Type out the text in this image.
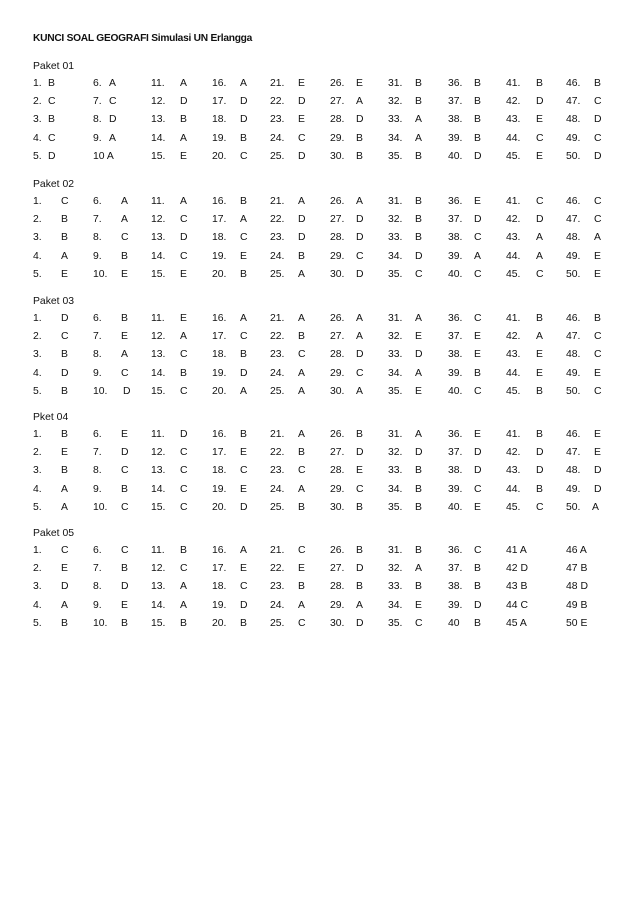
KUNCI SOAL GEOGRAFI Simulasi UN Erlangga
Paket 01
1. B
2. C
3. B
4. C
5. D
6. A
7. C
8. D
9. A
10 A
11. A
12. D
13. B
14. A
15. E
16. A
17. D
18. D
19. B
20. C
21. E
22. D
23. E
24. C
25. D
26. E
27. A
28. D
29. B
30. B
31. B
32. B
33. A
34. A
35. B
36. B
37. B
38. B
39. B
40. D
41. B
42. D
43. E
44. C
45. E
46. B
47. C
48. D
49. C
50. D
Paket 02
1. C
2. B
3. B
4. A
5. E
6. A
7. A
8. C
9. B
10. E
11. A
12. C
13. D
14. C
15. E
16. B
17. A
18. C
19. E
20. B
21. A
22. D
23. D
24. B
25. A
26. A
27. D
28. D
29. C
30. D
31. B
32. B
33. B
34. D
35. C
36. E
37. D
38. C
39. A
40. C
41. C
42. D
43. A
44. A
45. C
46. C
47. C
48. A
49. E
50. E
Paket 03
1. D
2. C
3. B
4. D
5. B
6. B
7. E
8. A
9. C
10. D
11. E
12. A
13. C
14. B
15. C
16. A
17. C
18. B
19. D
20. A
21. A
22. B
23. C
24. A
25. A
26. A
27. A
28. D
29. C
30. A
31. A
32. E
33. D
34. A
35. E
36. C
37. E
38. E
39. B
40. C
41. B
42. A
43. E
44. E
45. B
46. B
47. C
48. C
49. E
50. C
Pket 04
1. B
2. E
3. B
4. A
5. A
6. E
7. D
8. C
9. B
10. C
11. D
12. C
13. C
14. C
15. C
16. B
17. E
18. C
19. E
20. D
21. A
22. B
23. C
24. A
25. B
26. B
27. D
28. E
29. C
30. B
31. A
32. D
33. B
34. B
35. B
36. E
37. D
38. D
39. C
40. E
41. B
42. D
43. D
44. B
45. C
46. E
47. E
48. D
49. D
50. A
Paket 05
1. C
2. E
3. D
4. A
5. B
6. C
7. B
8. D
9. E
10. B
11. B
12. C
13. A
14. A
15. B
16. A
17. E
18. C
19. D
20. B
21. C
22. E
23. B
24. A
25. C
26. B
27. D
28. B
29. A
30. D
31. B
32. A
33. B
34. E
35. C
36. C
37. B
38. B
39. D
40 B
41 A
42 D
43 B
44 C
45 A
46 A
47 B
48 D
49 B
50 E
